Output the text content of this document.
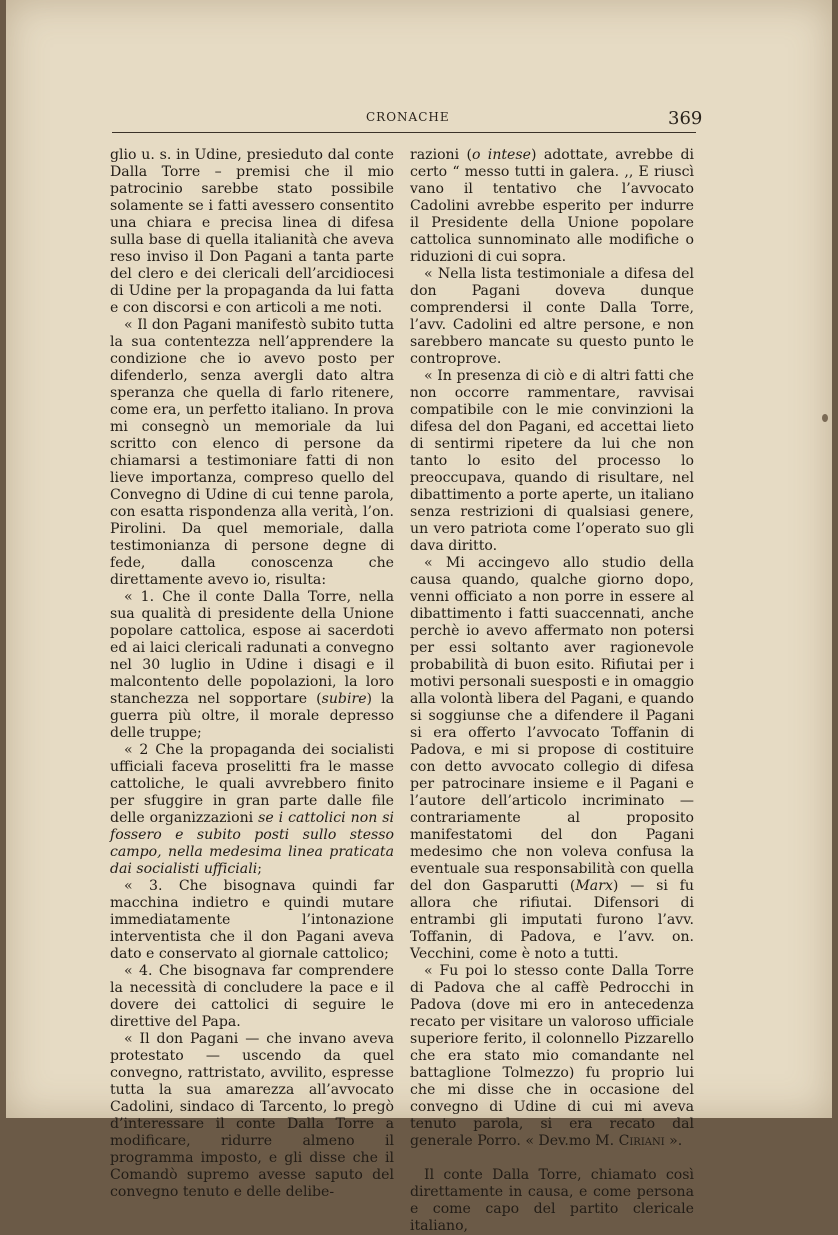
CRONACHE	369

glio u. s. in Udine, presieduto dal conte Dalla Torre – premisi che il mio patrocinio sarebbe stato possibile solamente se i fatti avessero consentito una chiara e precisa linea di difesa sulla base di quella italianità che aveva reso inviso il Don Pagani a tanta parte del clero e dei clericali dell’arcidiocesi di Udine per la propaganda da lui fatta e con discorsi e con articoli a me noti.

« Il don Pagani manifestò subito tutta la sua contentezza nell’apprendere la condizione che io avevo posto per difenderlo, senza avergli dato altra speranza che quella di farlo ritenere, come era, un perfetto italiano. In prova mi consegnò un memoriale da lui scritto con elenco di persone da chiamarsi a testimoniare fatti di non lieve importanza, compreso quello del Convegno di Udine di cui tenne parola, con esatta rispondenza alla verità, l’on. Pirolini. Da quel memoriale, dalla testimonianza di persone degne di fede, dalla conoscenza che direttamente avevo io, risulta:

« 1. Che il conte Dalla Torre, nella sua qualità di presidente della Unione popolare cattolica, espose ai sacerdoti ed ai laici clericali radunati a convegno nel 30 luglio in Udine i disagi e il malcontento delle popolazioni, la loro stanchezza nel sopportare (subire) la guerra più oltre, il morale depresso delle truppe;

« 2 Che la propaganda dei socialisti ufficiali faceva proselitti fra le masse cattoliche, le quali avvrebbero finito per sfuggire in gran parte dalle file delle organizzazioni se i cattolici non si fossero e subito posti sullo stesso campo, nella medesima linea praticata dai socialisti ufficiali;

« 3. Che bisognava quindi far macchina indietro e quindi mutare immediatamente l’intonazione interventista che il don Pagani aveva dato e conservato al giornale cattolico;

« 4. Che bisognava far comprendere la necessità di concludere la pace e il dovere dei cattolici di seguire le direttive del Papa.

« Il don Pagani — che invano aveva protestato — uscendo da quel convegno, rattristato, avvilito, espresse tutta la sua amarezza all’avvocato Cadolini, sindaco di Tarcento, lo pregò d’interessare il conte Dalla Torre a modificare, ridurre almeno il programma imposto, e gli disse che il Comandò supremo avesse saputo del convegno tenuto e delle delibe-

razioni (o intese) adottate, avrebbe di certo “ messo tutti in galera. ,, E riuscì vano il tentativo che l’avvocato Cadolini avrebbe esperito per indurre il Presidente della Unione popolare cattolica sunnominato alle modifiche o riduzioni di cui sopra.

« Nella lista testimoniale a difesa del don Pagani doveva dunque comprendersi il conte Dalla Torre, l’avv. Cadolini ed altre persone, e non sarebbero mancate su questo punto le controprove.

« In presenza di ciò e di altri fatti che non occorre rammentare, ravvisai compatibile con le mie convinzioni la difesa del don Pagani, ed accettai lieto di sentirmi ripetere da lui che non tanto lo esito del processo lo preoccupava, quando di risultare, nel dibattimento a porte aperte, un italiano senza restrizioni di qualsiasi genere, un vero patriota come l’operato suo gli dava diritto.

« Mi accingevo allo studio della causa quando, qualche giorno dopo, venni officiato a non porre in essere al dibattimento i fatti suaccennati, anche perchè io avevo affermato non potersi per essi soltanto aver ragionevole probabilità di buon esito. Rifiutai per i motivi personali suesposti e in omaggio alla volontà libera del Pagani, e quando si soggiunse che a difendere il Pagani si era offerto l’avvocato Toffanin di Padova, e mi si propose di costituire con detto avvocato collegio di difesa per patrocinare insieme e il Pagani e l’autore dell’articolo incriminato — contrariamente al proposito manifestatomi del don Pagani medesimo che non voleva confusa la eventuale sua responsabilità con quella del don Gasparutti (Marx) — si fu allora che rifiutai. Difensori di entrambi gli imputati furono l’avv. Toffanin, di Padova, e l’avv. on. Vecchini, come è noto a tutti.

« Fu poi lo stesso conte Dalla Torre di Padova che al caffè Pedrocchi in Padova (dove mi ero in antecedenza recato per visitare un valoroso ufficiale superiore ferito, il colonnello Pizzarello che era stato mio comandante nel battaglione Tolmezzo) fu proprio lui che mi disse che in occasione del convegno di Udine di cui mi aveva tenuto parola, si era recato dal generale Porro. « Dev.mo M. Ciriani ».

Il conte Dalla Torre, chiamato così direttamente in causa, e come persona e come capo del partito clericale italiano,
